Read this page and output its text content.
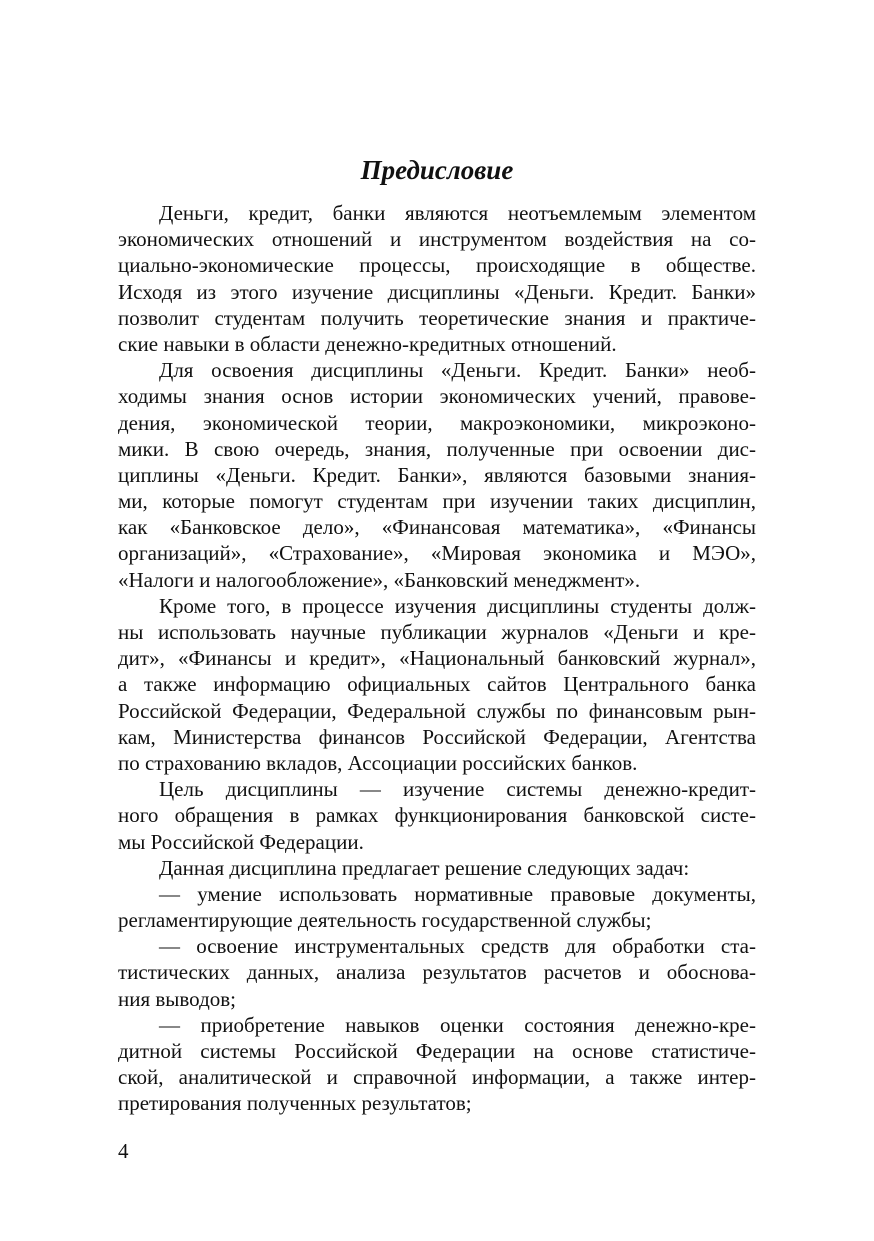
Предисловие
Деньги, кредит, банки являются неотъемлемым элементом
экономических отношений и инструментом воздействия на со-
циально-экономические процессы, происходящие в обществе.
Исходя из этого изучение дисциплины «Деньги. Кредит. Банки»
позволит студентам получить теоретические знания и практиче-
ские навыки в области денежно-кредитных отношений.
Для освоения дисциплины «Деньги. Кредит. Банки» необ-
ходимы знания основ истории экономических учений, правове-
дения, экономической теории, макроэкономики, микроэконо-
мики. В свою очередь, знания, полученные при освоении дис-
циплины «Деньги. Кредит. Банки», являются базовыми знания-
ми, которые помогут студентам при изучении таких дисциплин,
как «Банковское дело», «Финансовая математика», «Финансы
организаций», «Страхование», «Мировая экономика и МЭО»,
«Налоги и налогообложение», «Банковский менеджмент».
Кроме того, в процессе изучения дисциплины студенты долж-
ны использовать научные публикации журналов «Деньги и кре-
дит», «Финансы и кредит», «Национальный банковский журнал»,
а также информацию официальных сайтов Центрального банка
Российской Федерации, Федеральной службы по финансовым рын-
кам, Министерства финансов Российской Федерации, Агентства
по страхованию вкладов, Ассоциации российских банков.
Цель дисциплины — изучение системы денежно-кредит-
ного обращения в рамках функционирования банковской систе-
мы Российской Федерации.
Данная дисциплина предлагает решение следующих задач:
— умение использовать нормативные правовые документы,
регламентирующие деятельность государственной службы;
— освоение инструментальных средств для обработки ста-
тистических данных, анализа результатов расчетов и обоснова-
ния выводов;
— приобретение навыков оценки состояния денежно-кре-
дитной системы Российской Федерации на основе статистиче-
ской, аналитической и справочной информации, а также интер-
претирования полученных результатов;
4
